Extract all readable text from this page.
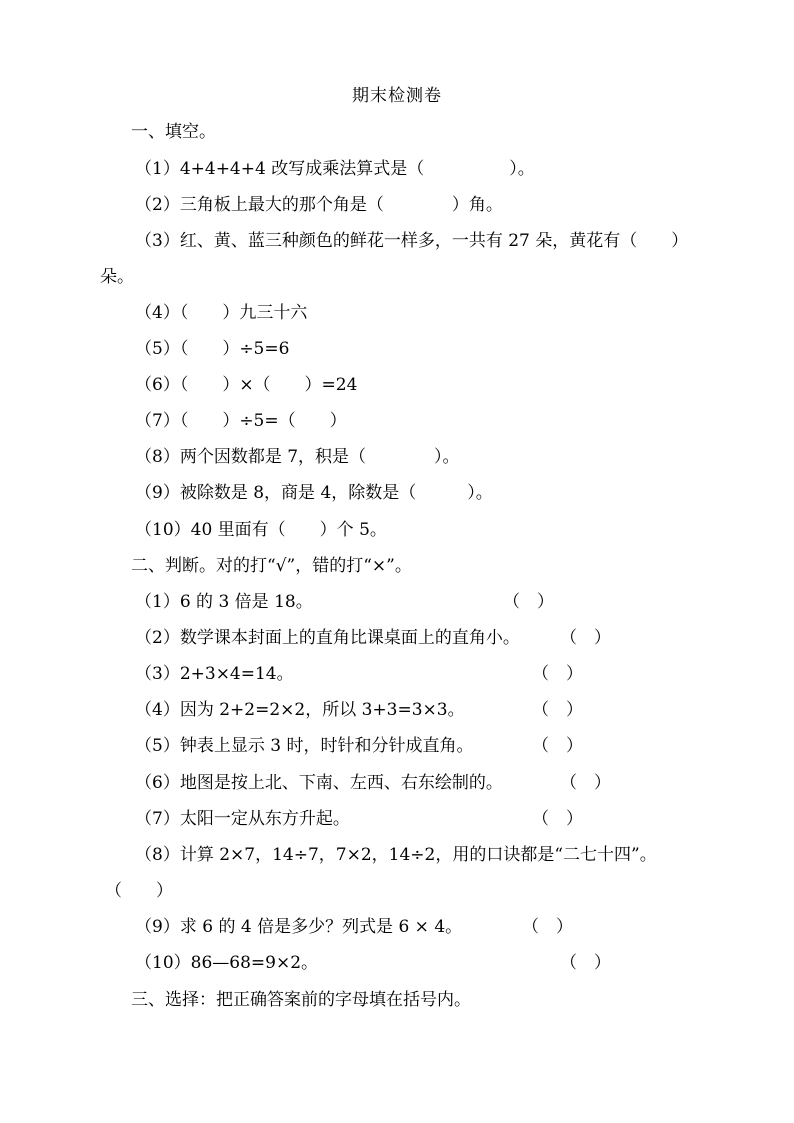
期末检测卷
一、填空。
（1）4+4+4+4 改写成乘法算式是（　　　　　）。
（2）三角板上最大的那个角是（　　　　）角。
（3）红、黄、蓝三种颜色的鲜花一样多，一共有 27 朵，黄花有（　　）
朵。
（4）（　　）九三十六
（5）（　　）÷5=6
（6）（　　）×（　　）=24
（7）（　　）÷5=（　　）
（8）两个因数都是 7，积是（　　　　）。
（9）被除数是 8，商是 4，除数是（　　　）。
（10）40 里面有（　　）个 5。
二、判断。对的打“√”，错的打“×”。
（1）6 的 3 倍是 18。	（　）
（2）数学课本封面上的直角比课桌面上的直角小。 （　）
（3）2+3×4=14。	（　）
（4）因为 2+2=2×2，所以 3+3=3×3。	（　）
（5）钟表上显示 3 时，时针和分针成直角。	（　）
（6）地图是按上北、下南、左西、右东绘制的。	（　）
（7）太阳一定从东方升起。	（　）
（8）计算 2×7，14÷7，7×2，14÷2，用的口诀都是“二七十四”。
（　　）
（9）求 6 的 4 倍是多少？列式是 6 × 4。	（　）
（10）86—68=9×2。	（　）
三、选择：把正确答案前的字母填在括号内。
